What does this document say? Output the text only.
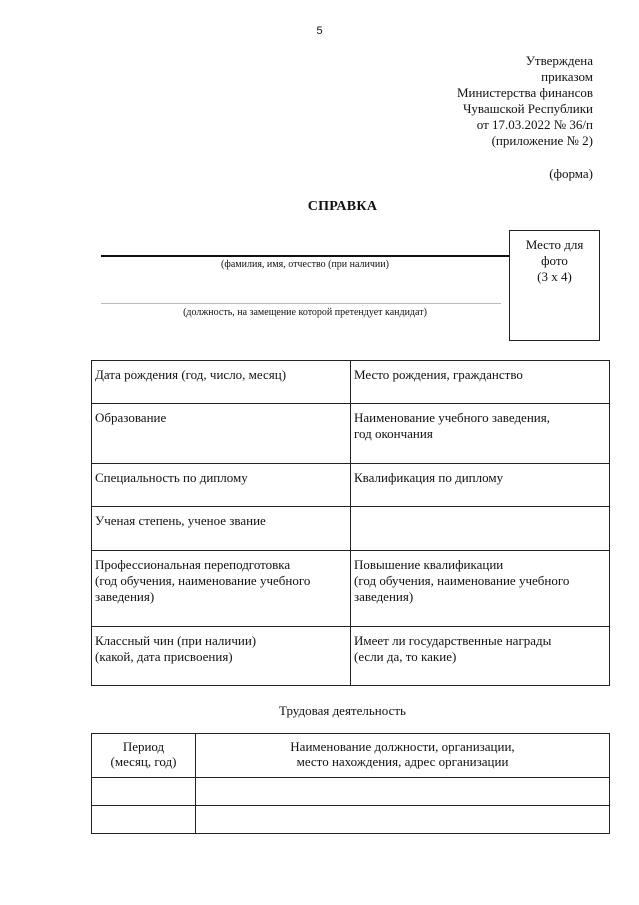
5
Утверждена
приказом
Министерства финансов
Чувашской Республики
от 17.03.2022 № 36/п
(приложение № 2)
(форма)
СПРАВКА
(фамилия, имя, отчество (при наличии)
(должность, на замещение которой претендует кандидат)
Место для
фото
(3 х 4)
Дата рождения (год, число, месяц)	Место рождения, гражданство

Образование	Наименование учебного заведения,
год окончания

Специальность по диплому	Квалификация по диплому

Ученая степень, ученое звание	

Профессиональная переподготовка
(год обучения, наименование учебного
заведения)	Повышение квалификации
(год обучения, наименование учебного
заведения)

Классный чин (при наличии)
(какой, дата присвоения)	Имеет ли государственные награды
(если да, то какие)
Трудовая деятельность
Период
(месяц, год)	Наименование должности, организации,
место нахождения, адрес организации
